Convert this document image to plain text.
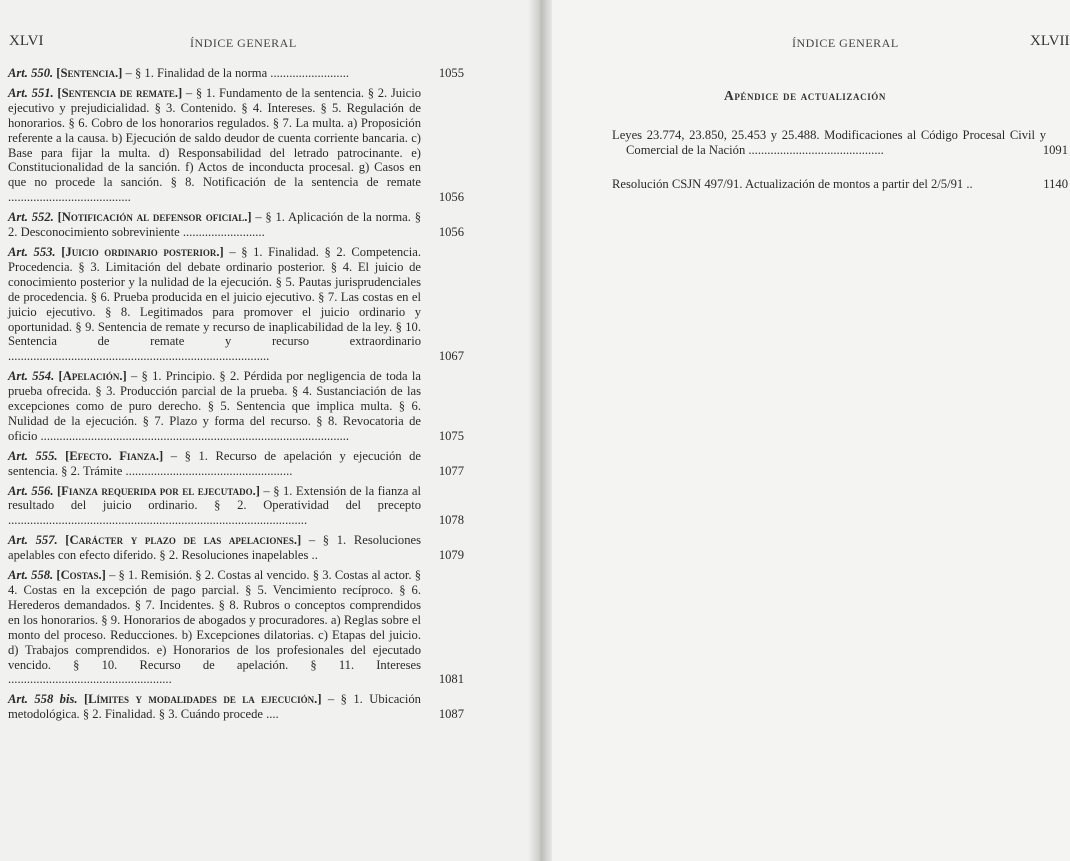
XLVI	ÍNDICE GENERAL
Art. 550. [Sentencia.] – § 1. Finalidad de la norma .........................	1055
Art. 551. [Sentencia de remate.] – § 1. Fundamento de la sentencia. § 2. Juicio ejecutivo y prejudicialidad. § 3. Contenido. § 4. Intereses. § 5. Regulación de honorarios. § 6. Cobro de los honorarios regulados. § 7. La multa. a) Proposición referente a la causa. b) Ejecución de saldo deudor de cuenta corriente bancaria. c) Base para fijar la multa. d) Responsabilidad del letrado patrocinante. e) Constitucionalidad de la sanción. f) Actos de inconducta procesal. g) Casos en que no procede la sanción. § 8. Notificación de la sentencia de remate .......................................	1056
Art. 552. [Notificación al defensor oficial.] – § 1. Aplicación de la norma. § 2. Desconocimiento sobreviniente ..........................	1056
Art. 553. [Juicio ordinario posterior.] – § 1. Finalidad. § 2. Competencia. Procedencia. § 3. Limitación del debate ordinario posterior. § 4. El juicio de conocimiento posterior y la nulidad de la ejecución. § 5. Pautas jurisprudenciales de procedencia. § 6. Prueba producida en el juicio ejecutivo. § 7. Las costas en el juicio ejecutivo. § 8. Legitimados para promover el juicio ordinario y oportunidad. § 9. Sentencia de remate y recurso de inaplicabilidad de la ley. § 10. Sentencia de remate y recurso extraordinario ...................................................................................	1067
Art. 554. [Apelación.] – § 1. Principio. § 2. Pérdida por negligencia de toda la prueba ofrecida. § 3. Producción parcial de la prueba. § 4. Sustanciación de las excepciones como de puro derecho. § 5. Sentencia que implica multa. § 6. Nulidad de la ejecución. § 7. Plazo y forma del recurso. § 8. Revocatoria de oficio ..................................................................................................	1075
Art. 555. [Efecto. Fianza.] – § 1. Recurso de apelación y ejecución de sentencia. § 2. Trámite .....................................................	1077
Art. 556. [Fianza requerida por el ejecutado.] – § 1. Extensión de la fianza al resultado del juicio ordinario. § 2. Operatividad del precepto ...............................................................................................	1078
Art. 557. [Carácter y plazo de las apelaciones.] – § 1. Resoluciones apelables con efecto diferido. § 2. Resoluciones inapelables ..	1079
Art. 558. [Costas.] – § 1. Remisión. § 2. Costas al vencido. § 3. Costas al actor. § 4. Costas en la excepción de pago parcial. § 5. Vencimiento recíproco. § 6. Herederos demandados. § 7. Incidentes. § 8. Rubros o conceptos comprendidos en los honorarios. § 9. Honorarios de abogados y procuradores. a) Reglas sobre el monto del proceso. Reducciones. b) Excepciones dilatorias. c) Etapas del juicio. d) Trabajos comprendidos. e) Honorarios de los profesionales del ejecutado vencido. § 10. Recurso de apelación. § 11. Intereses ....................................................	1081
Art. 558 bis. [Límites y modalidades de la ejecución.] – § 1. Ubicación metodológica. § 2. Finalidad. § 3. Cuándo procede ....	1087
ÍNDICE GENERAL	XLVII
Apéndice de actualización
Leyes 23.774, 23.850, 25.453 y 25.488. Modificaciones al Código Procesal Civil y Comercial de la Nación ...........................................	1091
Resolución CSJN 497/91. Actualización de montos a partir del 2/5/91 ..	1140
